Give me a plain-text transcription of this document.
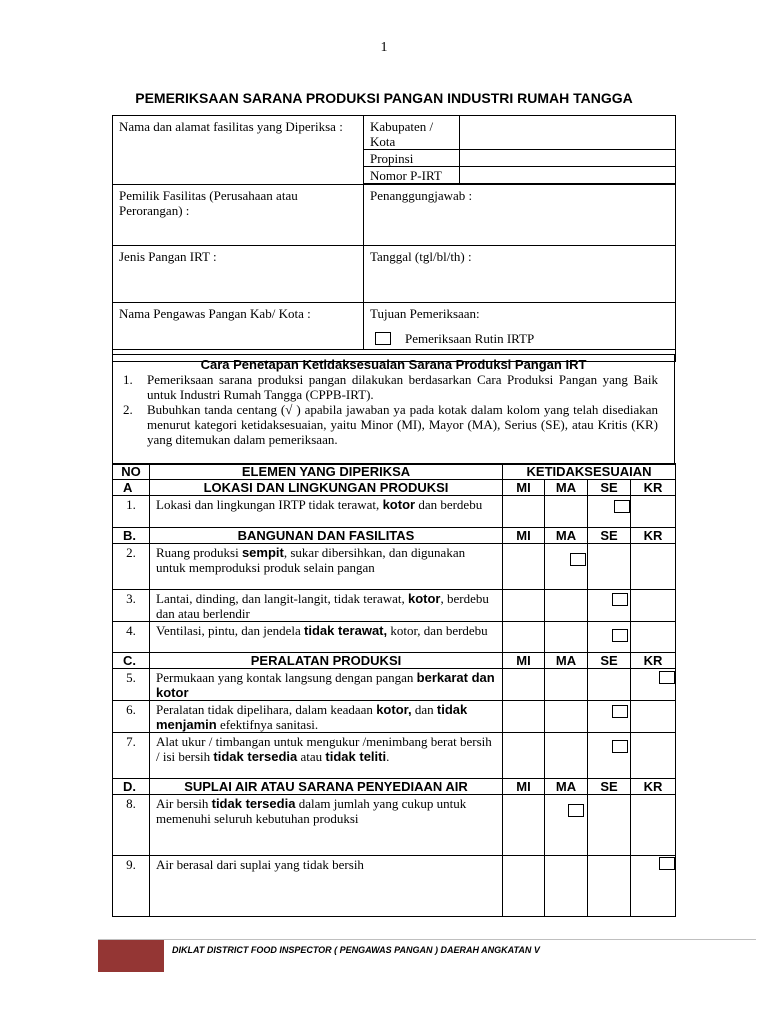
1
PEMERIKSAAN SARANA PRODUKSI PANGAN INDUSTRI RUMAH TANGGA
Nama dan alamat fasilitas yang Diperiksa :	Kabupaten / Kota	
	Propinsi	
	Nomor P-IRT	

Pemilik Fasilitas (Perusahaan atau Perorangan) :	Penanggungjawab :	
Jenis Pangan IRT :	Tanggal (tgl/bl/th) :	
Nama Pengawas Pangan Kab/ Kota :	Tujuan Pemeriksaan:
Pemeriksaan Rutin IRTP	

Cara Penetapan Ketidaksesuaian Sarana Produksi Pangan IRT
1.	Pemeriksaan sarana produksi pangan dilakukan berdasarkan Cara Produksi Pangan yang Baik untuk Industri Rumah Tangga (CPPB-IRT).
2.	Bubuhkan tanda centang (√ ) apabila jawaban ya pada kotak dalam kolom yang telah disediakan menurut kategori ketidaksesuaian, yaitu Minor (MI), Mayor (MA), Serius (SE), atau Kritis (KR) yang ditemukan dalam pemeriksaan.
NO	ELEMEN YANG DIPERIKSA	KETIDAKSESUAIAN			
A	LOKASI DAN LINGKUNGAN PRODUKSI	MI	MA	SE	KR
1.	Lokasi dan lingkungan IRTP tidak terawat, kotor dan berdebu			

B.	BANGUNAN DAN FASILITAS	MI	MA	SE	KR
2.	Ruang produksi sempit, sukar dibersihkan, dan digunakan untuk memproduksi produk selain pangan		

3.	Lantai, dinding, dan langit-langit, tidak terawat, kotor, berdebu dan atau berlendir			

4.	Ventilasi, pintu, dan jendela tidak terawat, kotor, dan berdebu			

C.	PERALATAN PRODUKSI	MI	MA	SE	KR
5.	Permukaan yang kontak langsung dengan pangan berkarat dan kotor				

6.	Peralatan tidak dipelihara, dalam keadaan kotor, dan tidak menjamin efektifnya sanitasi.			

7.	Alat ukur / timbangan untuk mengukur /menimbang berat bersih / isi bersih tidak tersedia atau tidak teliti.			

D.	SUPLAI AIR ATAU SARANA PENYEDIAAN AIR	MI	MA	SE	KR
8.	Air bersih tidak tersedia dalam jumlah yang cukup untuk memenuhi seluruh kebutuhan produksi		

9.	Air berasal dari suplai yang tidak bersih				
DIKLAT DISTRICT FOOD INSPECTOR ( PENGAWAS PANGAN ) DAERAH ANGKATAN V
